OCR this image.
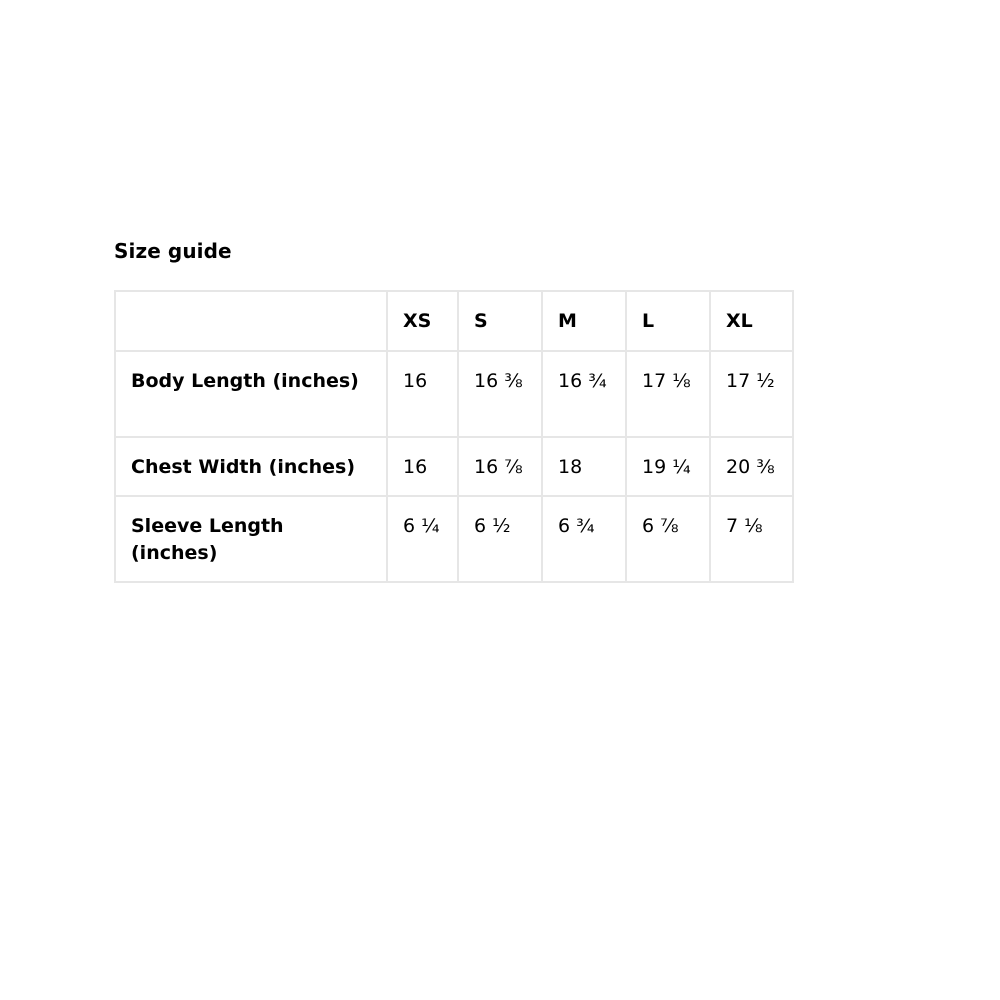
Size guide
	XS	S	M	L	XL
Body Length (inches)	16	16 ⅜	16 ¾	17 ⅛	17 ½
Chest Width (inches)	16	16 ⅞	18	19 ¼	20 ⅜
Sleeve Length (inches)	6 ¼	6 ½	6 ¾	6 ⅞	7 ⅛
